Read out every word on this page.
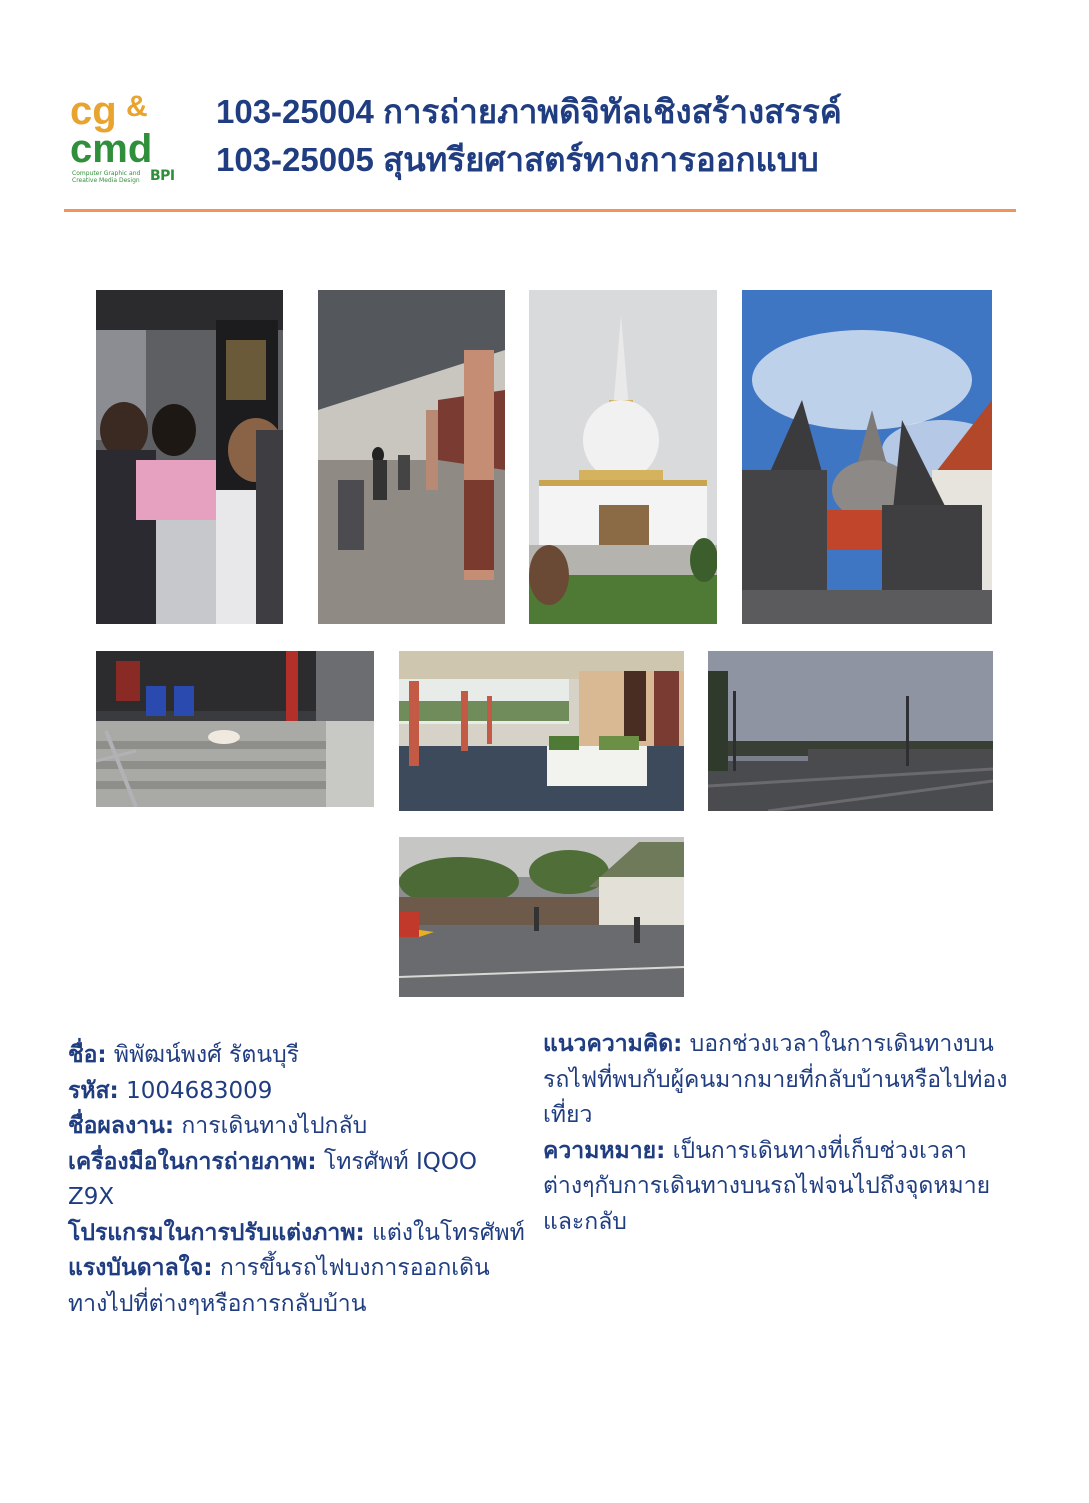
cg &
cmd
Computer Graphic and Creative Media Design BPI
103-25004 การถ่ายภาพดิจิทัลเชิงสร้างสรรค์
103-25005 สุนทรียศาสตร์ทางการออกแบบ

ชื่อ: พิพัฒน์พงศ์ รัตนบุรี

รหัส: 1004683009

ชื่อผลงาน: การเดินทางไปกลับ

เครื่องมือในการถ่ายภาพ: โทรศัพท์ IQOO Z9X

โปรแกรมในการปรับแต่งภาพ: แต่งในโทรศัพท์

แรงบันดาลใจ: การขึ้นรถไฟบงการออกเดินทางไปที่ต่างๆหรือการกลับบ้าน

แนวความคิด: บอกช่วงเวลาในการเดินทางบนรถไฟที่พบกับผู้คนมากมายที่กลับบ้านหรือไปท่องเที่ยว

ความหมาย: เป็นการเดินทางที่เก็บช่วงเวลาต่างๆกับการเดินทางบนรถไฟจนไปถึงจุดหมายและกลับ
